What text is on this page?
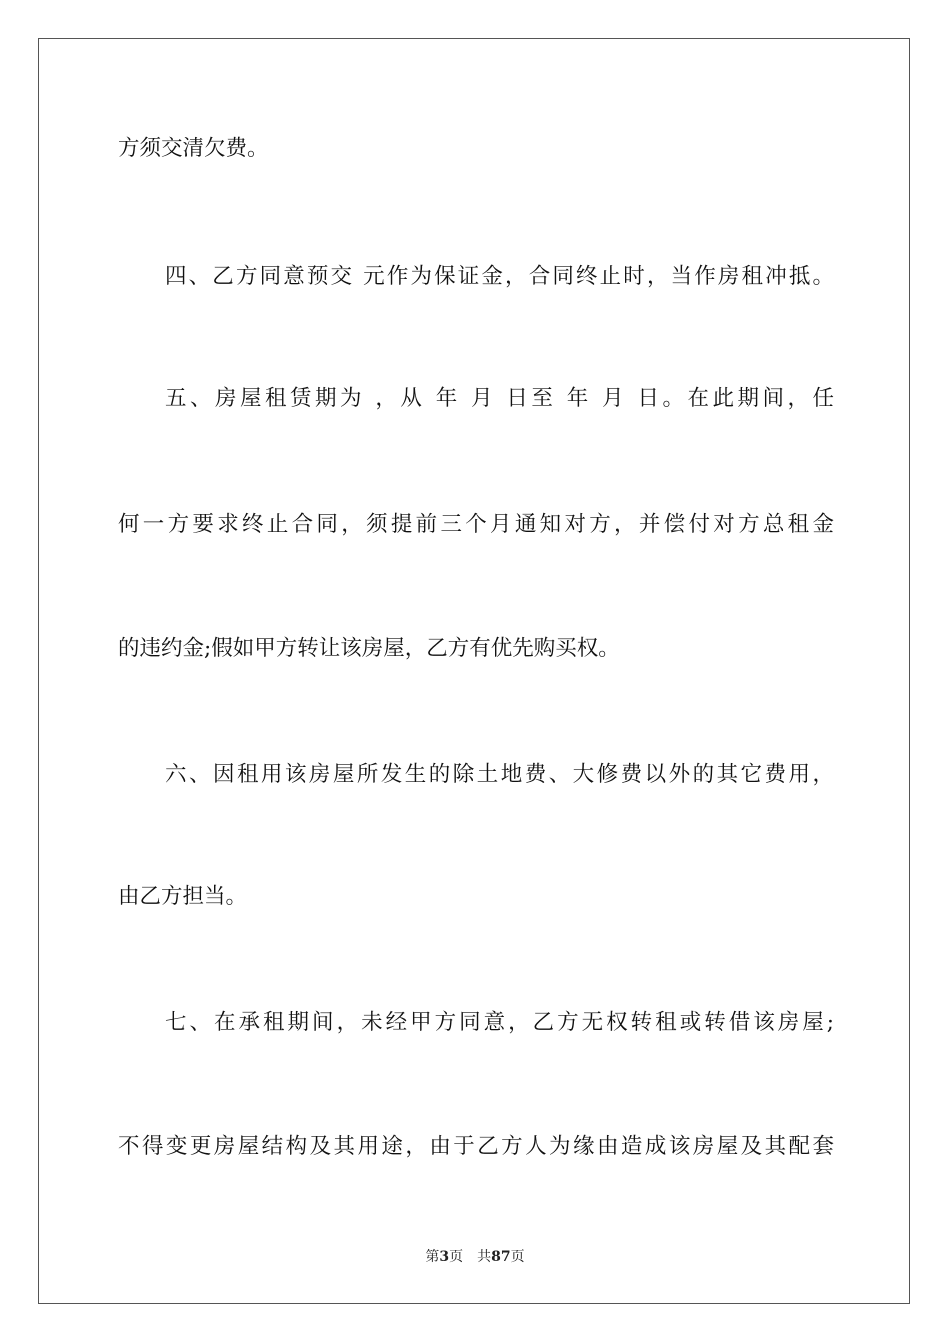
方须交清欠费。
四、乙方同意预交 元作为保证金，合同终止时，当作房租冲抵。
五、房屋租赁期为 ，从 年 月 日至 年 月 日。在此期间，任
何一方要求终止合同，须提前三个月通知对方，并偿付对方总租金
的违约金;假如甲方转让该房屋，乙方有优先购买权。
六、因租用该房屋所发生的除土地费、大修费以外的其它费用，
由乙方担当。
七、在承租期间，未经甲方同意，乙方无权转租或转借该房屋;
不得变更房屋结构及其用途，由于乙方人为缘由造成该房屋及其配套
第3页 共87页
